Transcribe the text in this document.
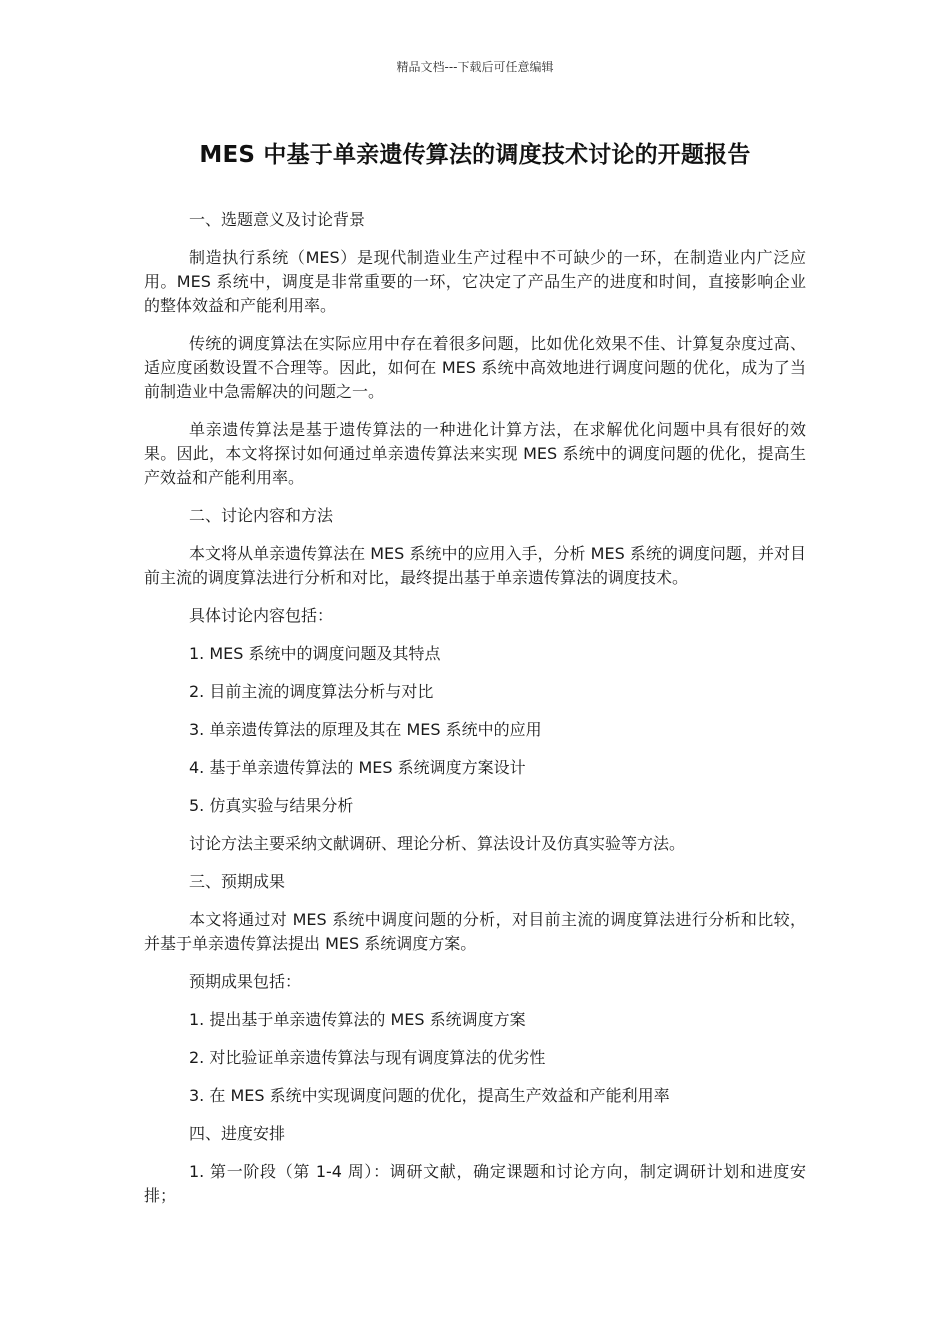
精品文档---下载后可任意编辑
MES 中基于单亲遗传算法的调度技术讨论的开题报告

一、选题意义及讨论背景

制造执行系统（MES）是现代制造业生产过程中不可缺少的一环，在制造业内广泛应用。MES 系统中，调度是非常重要的一环，它决定了产品生产的进度和时间，直接影响企业的整体效益和产能利用率。

传统的调度算法在实际应用中存在着很多问题，比如优化效果不佳、计算复杂度过高、适应度函数设置不合理等。因此，如何在 MES 系统中高效地进行调度问题的优化，成为了当前制造业中急需解决的问题之一。

单亲遗传算法是基于遗传算法的一种进化计算方法，在求解优化问题中具有很好的效果。因此，本文将探讨如何通过单亲遗传算法来实现 MES 系统中的调度问题的优化，提高生产效益和产能利用率。

二、讨论内容和方法

本文将从单亲遗传算法在 MES 系统中的应用入手，分析 MES 系统的调度问题，并对目前主流的调度算法进行分析和对比，最终提出基于单亲遗传算法的调度技术。

具体讨论内容包括：

1. MES 系统中的调度问题及其特点

2. 目前主流的调度算法分析与对比

3. 单亲遗传算法的原理及其在 MES 系统中的应用

4. 基于单亲遗传算法的 MES 系统调度方案设计

5. 仿真实验与结果分析

讨论方法主要采纳文献调研、理论分析、算法设计及仿真实验等方法。

三、预期成果

本文将通过对 MES 系统中调度问题的分析，对目前主流的调度算法进行分析和比较，并基于单亲遗传算法提出 MES 系统调度方案。

预期成果包括：

1. 提出基于单亲遗传算法的 MES 系统调度方案

2. 对比验证单亲遗传算法与现有调度算法的优劣性

3. 在 MES 系统中实现调度问题的优化，提高生产效益和产能利用率

四、进度安排

1. 第一阶段（第 1-4 周）：调研文献，确定课题和讨论方向，制定调研计划和进度安排；
